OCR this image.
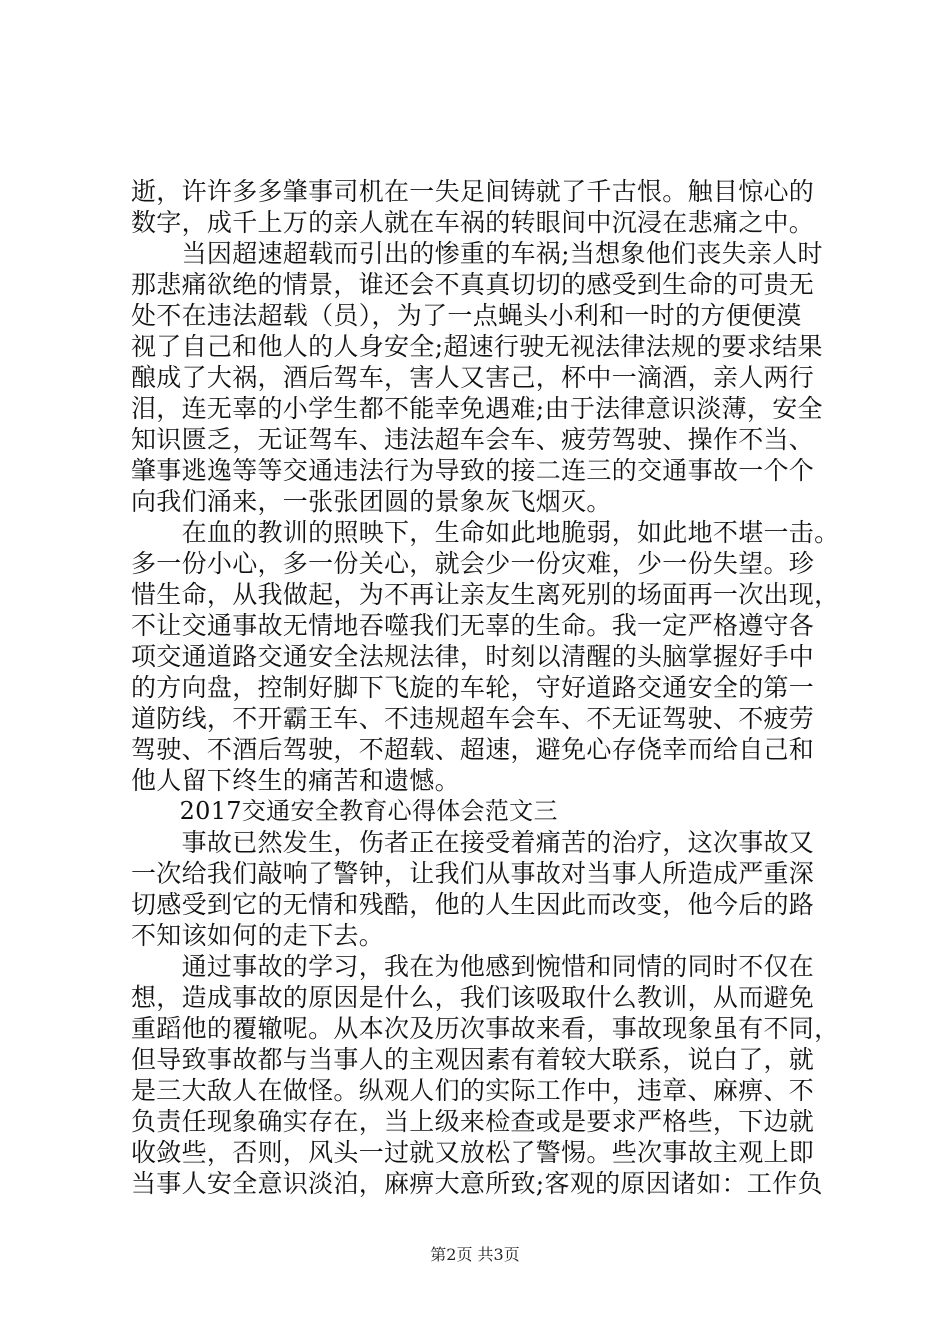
逝，许许多多肇事司机在一失足间铸就了千古恨。触目惊心的
数字，成千上万的亲人就在车祸的转眼间中沉浸在悲痛之中。
　　当因超速超载而引出的惨重的车祸;当想象他们丧失亲人时
那悲痛欲绝的情景，谁还会不真真切切的感受到生命的可贵无
处不在违法超载（员），为了一点蝇头小利和一时的方便便漠
视了自己和他人的人身安全;超速行驶无视法律法规的要求结果
酿成了大祸，酒后驾车，害人又害己，杯中一滴酒，亲人两行
泪，连无辜的小学生都不能幸免遇难;由于法律意识淡薄，安全
知识匮乏，无证驾车、违法超车会车、疲劳驾驶、操作不当、
肇事逃逸等等交通违法行为导致的接二连三的交通事故一个个
向我们涌来，一张张团圆的景象灰飞烟灭。
　　在血的教训的照映下，生命如此地脆弱，如此地不堪一击。
多一份小心，多一份关心，就会少一份灾难，少一份失望。珍
惜生命，从我做起，为不再让亲友生离死别的场面再一次出现，
不让交通事故无情地吞噬我们无辜的生命。我一定严格遵守各
项交通道路交通安全法规法律，时刻以清醒的头脑掌握好手中
的方向盘，控制好脚下飞旋的车轮，守好道路交通安全的第一
道防线，不开霸王车、不违规超车会车、不无证驾驶、不疲劳
驾驶、不酒后驾驶，不超载、超速，避免心存侥幸而给自己和
他人留下终生的痛苦和遗憾。
　　2017交通安全教育心得体会范文三
　　事故已然发生，伤者正在接受着痛苦的治疗，这次事故又
一次给我们敲响了警钟，让我们从事故对当事人所造成严重深
切感受到它的无情和残酷，他的人生因此而改变，他今后的路
不知该如何的走下去。
　　通过事故的学习，我在为他感到惋惜和同情的同时不仅在
想，造成事故的原因是什么，我们该吸取什么教训，从而避免
重蹈他的覆辙呢。从本次及历次事故来看，事故现象虽有不同，
但导致事故都与当事人的主观因素有着较大联系，说白了，就
第2页 共3页
是三大敌人在做怪。纵观人们的实际工作中，违章、麻痹、不
负责任现象确实存在，当上级来检查或是要求严格些，下边就
收敛些，否则，风头一过就又放松了警惕。些次事故主观上即
当事人安全意识淡泊，麻痹大意所致;客观的原因诸如：工作负
